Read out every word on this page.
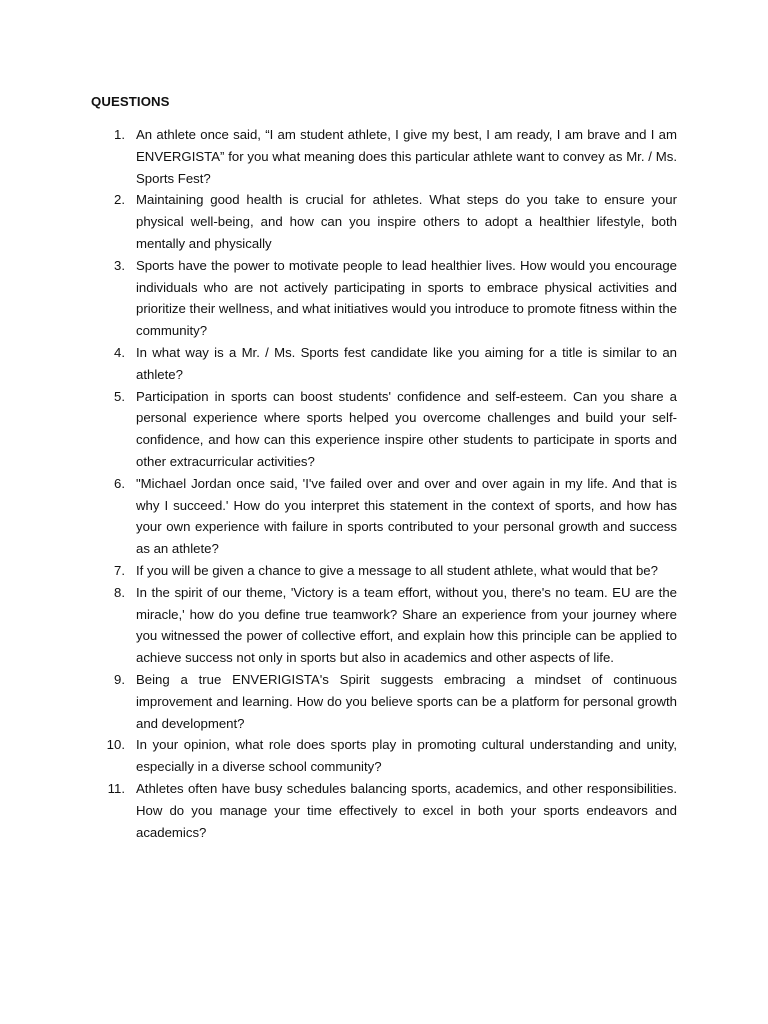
QUESTIONS
1. An athlete once said, “I am student athlete, I give my best, I am ready, I am brave and I am ENVERGISTA” for you what meaning does this particular athlete want to convey as Mr. / Ms. Sports Fest?
2. Maintaining good health is crucial for athletes. What steps do you take to ensure your physical well-being, and how can you inspire others to adopt a healthier lifestyle, both mentally and physically
3. Sports have the power to motivate people to lead healthier lives. How would you encourage individuals who are not actively participating in sports to embrace physical activities and prioritize their wellness, and what initiatives would you introduce to promote fitness within the community?
4. In what way is a Mr. / Ms. Sports fest candidate like you aiming for a title is similar to an athlete?
5. Participation in sports can boost students' confidence and self-esteem. Can you share a personal experience where sports helped you overcome challenges and build your self-confidence, and how can this experience inspire other students to participate in sports and other extracurricular activities?
6. "Michael Jordan once said, 'I've failed over and over and over again in my life. And that is why I succeed.' How do you interpret this statement in the context of sports, and how has your own experience with failure in sports contributed to your personal growth and success as an athlete?
7. If you will be given a chance to give a message to all student athlete, what would that be?
8. In the spirit of our theme, 'Victory is a team effort, without you, there's no team. EU are the miracle,' how do you define true teamwork? Share an experience from your journey where you witnessed the power of collective effort, and explain how this principle can be applied to achieve success not only in sports but also in academics and other aspects of life.
9. Being a true ENVERIGISTA's Spirit suggests embracing a mindset of continuous improvement and learning. How do you believe sports can be a platform for personal growth and development?
10. In your opinion, what role does sports play in promoting cultural understanding and unity, especially in a diverse school community?
11. Athletes often have busy schedules balancing sports, academics, and other responsibilities. How do you manage your time effectively to excel in both your sports endeavors and academics?
